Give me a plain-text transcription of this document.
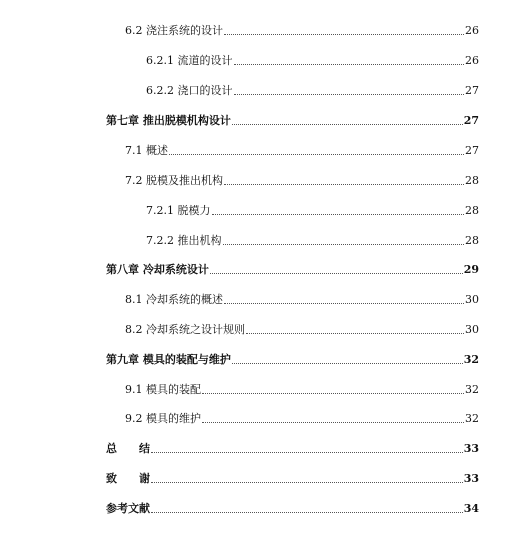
6.2 浇注系统的设计	26
6.2.1 流道的设计	26
6.2.2 浇口的设计	27
第七章 推出脱模机构设计	27
7.1 概述	27
7.2 脱模及推出机构	28
7.2.1 脱模力	28
7.2.2 推出机构	28
第八章 冷却系统设计	29
8.1 冷却系统的概述	30
8.2 冷却系统之设计规则	30
第九章 模具的装配与维护	32
9.1 模具的装配	32
9.2 模具的维护	32
总　　结	33
致　　谢	33
参考文献	34
